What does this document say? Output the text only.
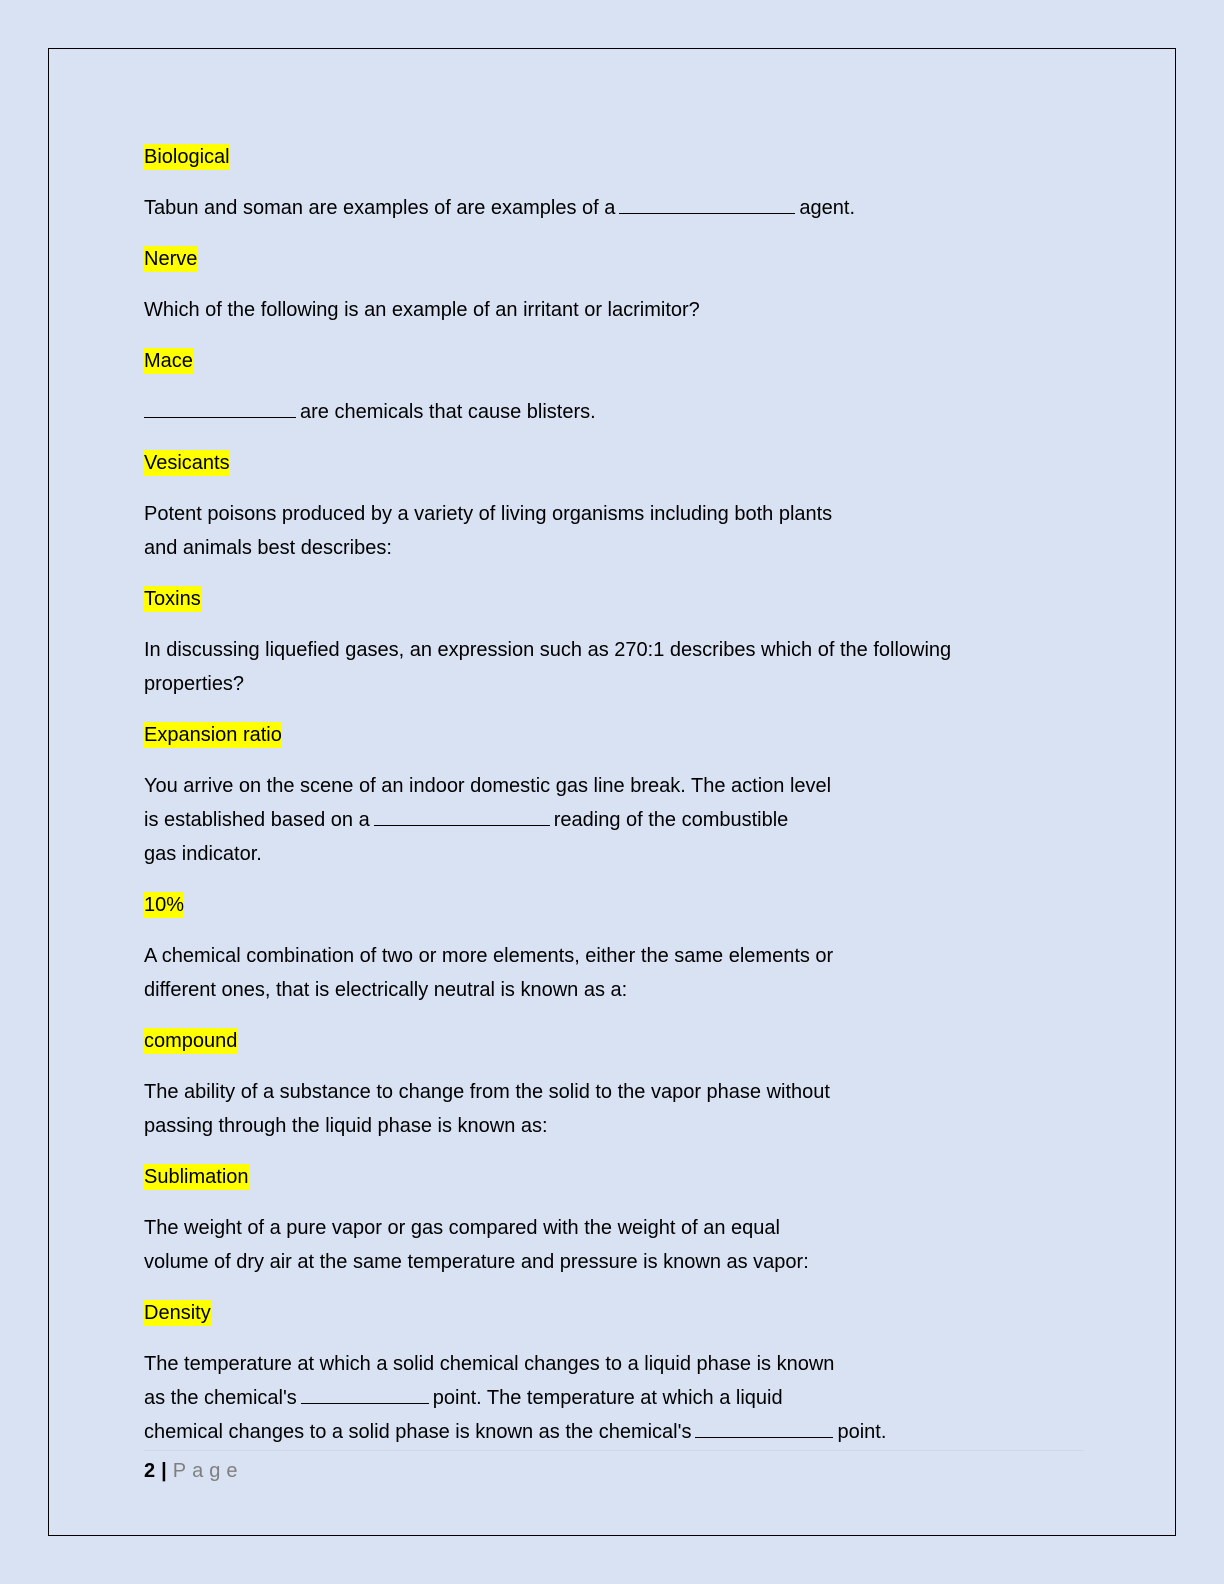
Biological
Tabun and soman are examples of are examples of a	agent.
Nerve
Which of the following is an example of an irritant or lacrimitor?
Mace
are chemicals that cause blisters.
Vesicants
Potent poisons produced by a variety of living organisms including both plants
and animals best describes:
Toxins
In discussing liquefied gases, an expression such as 270:1 describes which of the following
properties?
Expansion ratio
You arrive on the scene of an indoor domestic gas line break. The action level
is established based on a	reading of the combustible
gas indicator.
10%
A chemical combination of two or more elements, either the same elements or
different ones, that is electrically neutral is known as a:
compound
The ability of a substance to change from the solid to the vapor phase without
passing through the liquid phase is known as:
Sublimation
The weight of a pure vapor or gas compared with the weight of an equal
volume of dry air at the same temperature and pressure is known as vapor:
Density
The temperature at which a solid chemical changes to a liquid phase is known
as the chemical's	point. The temperature at which a liquid
chemical changes to a solid phase is known as the chemical's	point.
2 | Page
